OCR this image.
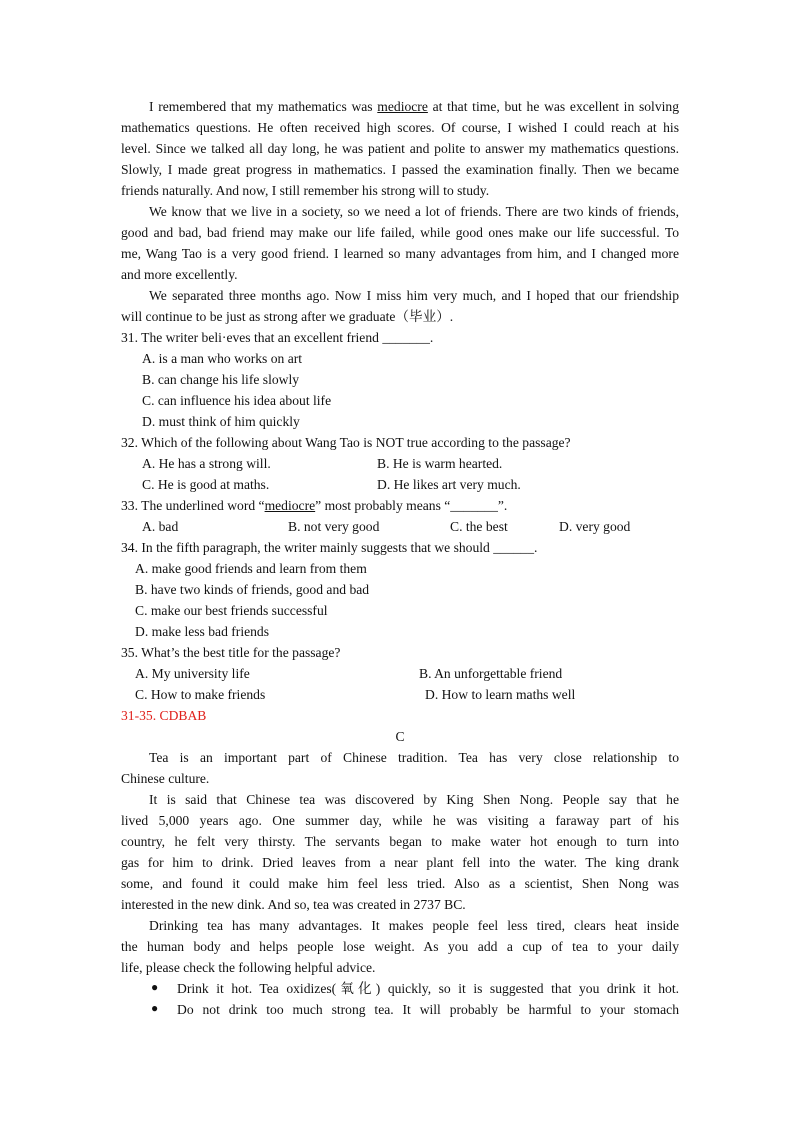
I remembered that my mathematics was mediocre at that time, but he was excellent in solving
mathematics questions. He often received high scores. Of course, I wished I could reach at his
level. Since we talked all day long, he was patient and polite to answer my mathematics questions.
Slowly, I made great progress in mathematics. I passed the examination finally. Then we became
friends naturally. And now, I still remember his strong will to study.
We know that we live in a society, so we need a lot of friends. There are two kinds of friends,
good and bad, bad friend may make our life failed, while good ones make our life successful. To
me, Wang Tao is a very good friend. I learned so many advantages from him, and I changed more
and more excellently.
We separated three months ago. Now I miss him very much, and I hoped that our friendship
will continue to be just as strong after we graduate（毕业）.
31. The writer beli·eves that an excellent friend _______.
A. is a man who works on art
B. can change his life slowly
C. can influence his idea about life
D. must think of him quickly
32. Which of the following about Wang Tao is NOT true according to the passage?
A. He has a strong will.	B. He is warm hearted.
C. He is good at maths.	D. He likes art very much.
33. The underlined word “mediocre” most probably means “_______”.
A. bad	B. not very good	C. the best	D. very good
34. In the fifth paragraph, the writer mainly suggests that we should ______.
A. make good friends and learn from them
B. have two kinds of friends, good and bad
C. make our best friends successful
D. make less bad friends
35. What’s the best title for the passage?
A. My university life	B. An unforgettable friend
C. How to make friends	D. How to learn maths well
31-35. CDBAB
C
Tea is an important part of Chinese tradition. Tea has very close relationship to
Chinese culture.
It is said that Chinese tea was discovered by King Shen Nong. People say that he
lived 5,000 years ago. One summer day, while he was visiting a faraway part of his
country, he felt very thirsty. The servants began to make water hot enough to turn into
gas for him to drink. Dried leaves from a near plant fell into the water. The king drank
some, and found it could make him feel less tried. Also as a scientist, Shen Nong was
interested in the new dink. And so, tea was created in 2737 BC.
Drinking tea has many advantages. It makes people feel less tired, clears heat inside
the human body and helps people lose weight. As you add a cup of tea to your daily
life, please check the following helpful advice.
● Drink it hot. Tea oxidizes(氧化) quickly, so it is suggested that you drink it hot.
● Do not drink too much strong tea. It will probably be harmful to your stomach
